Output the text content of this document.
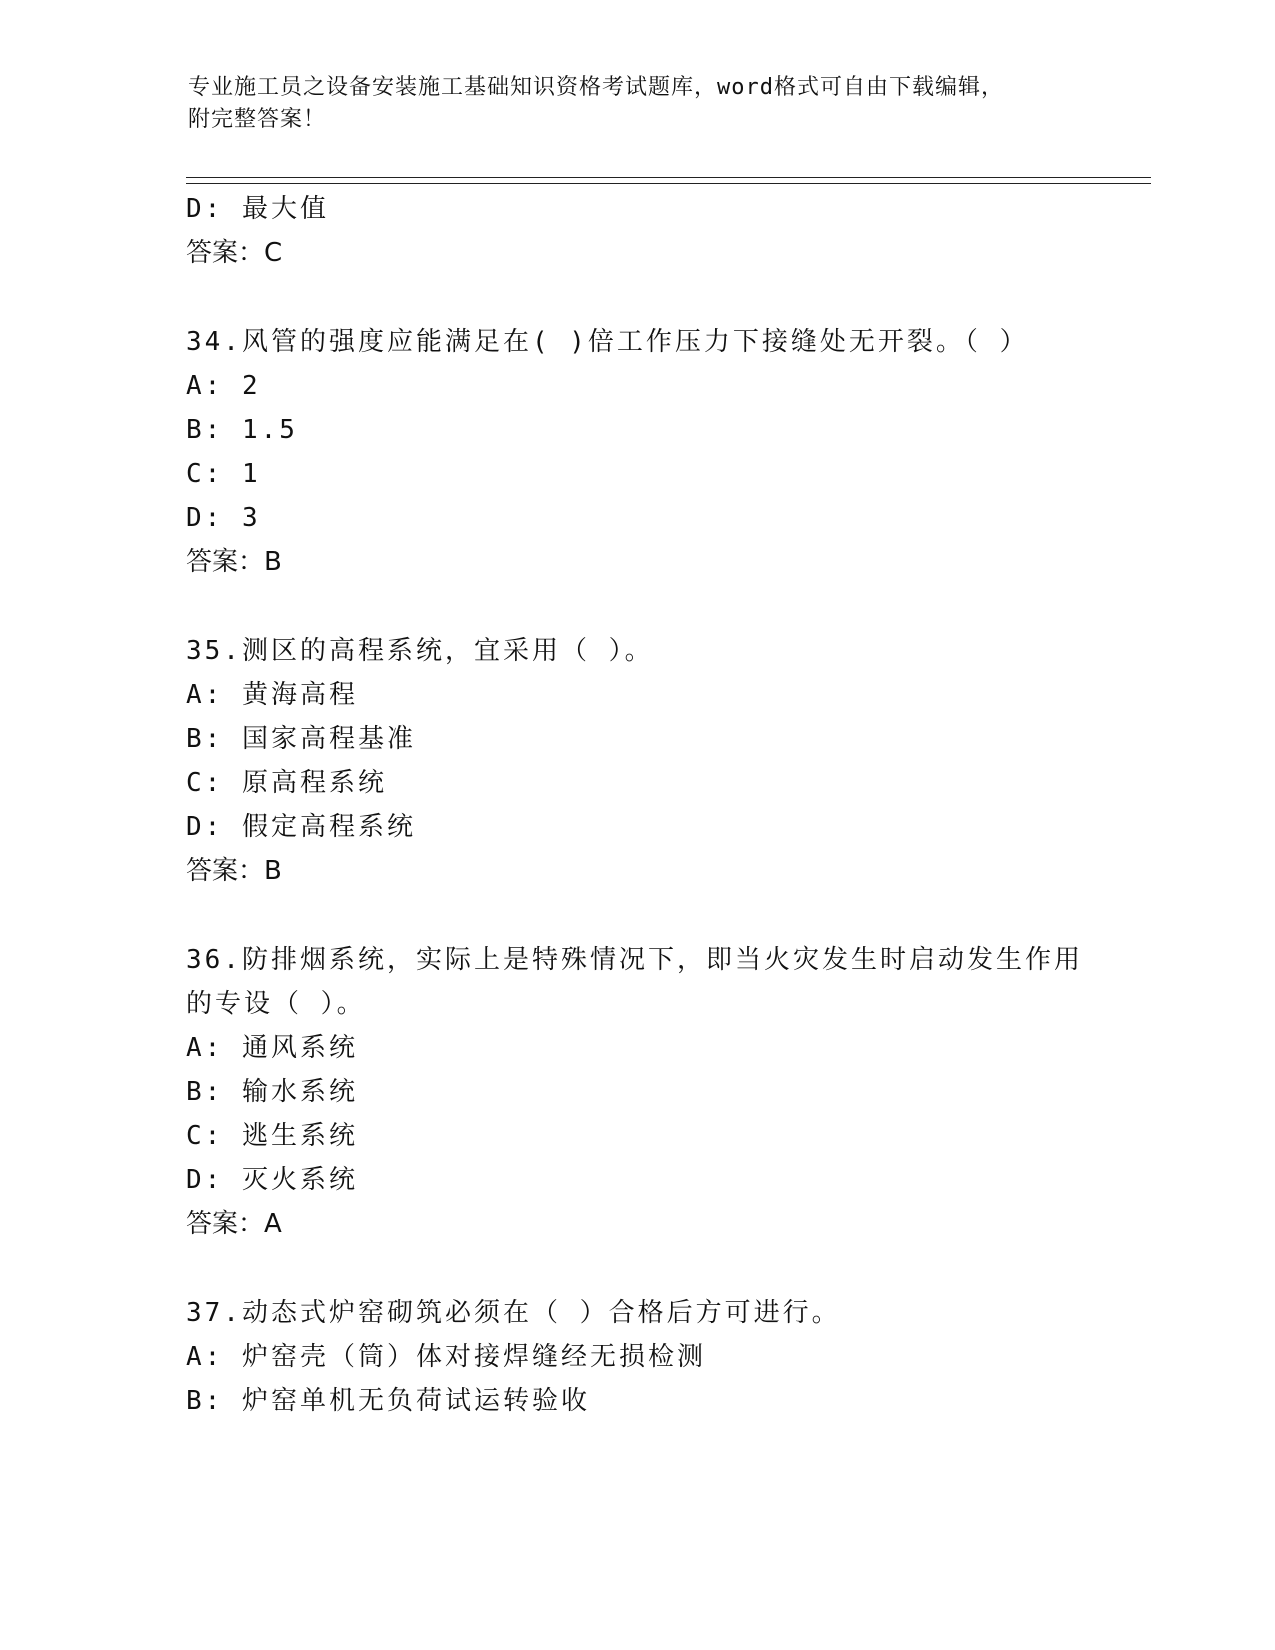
专业施工员之设备安装施工基础知识资格考试题库，word格式可自由下载编辑，
附完整答案！
D: 最大值
答案：C
34.风管的强度应能满足在( )倍工作压力下接缝处无开裂。（ ）
A: 2
B: 1.5
C: 1
D: 3
答案：B
35.测区的高程系统，宜采用（ ）。
A: 黄海高程
B: 国家高程基准
C: 原高程系统
D: 假定高程系统
答案：B
36.防排烟系统，实际上是特殊情况下，即当火灾发生时启动发生作用
的专设（ ）。
A: 通风系统
B: 输水系统
C: 逃生系统
D: 灭火系统
答案：A
37.动态式炉窑砌筑必须在（ ）合格后方可进行。
A: 炉窑壳（筒）体对接焊缝经无损检测
B: 炉窑单机无负荷试运转验收
